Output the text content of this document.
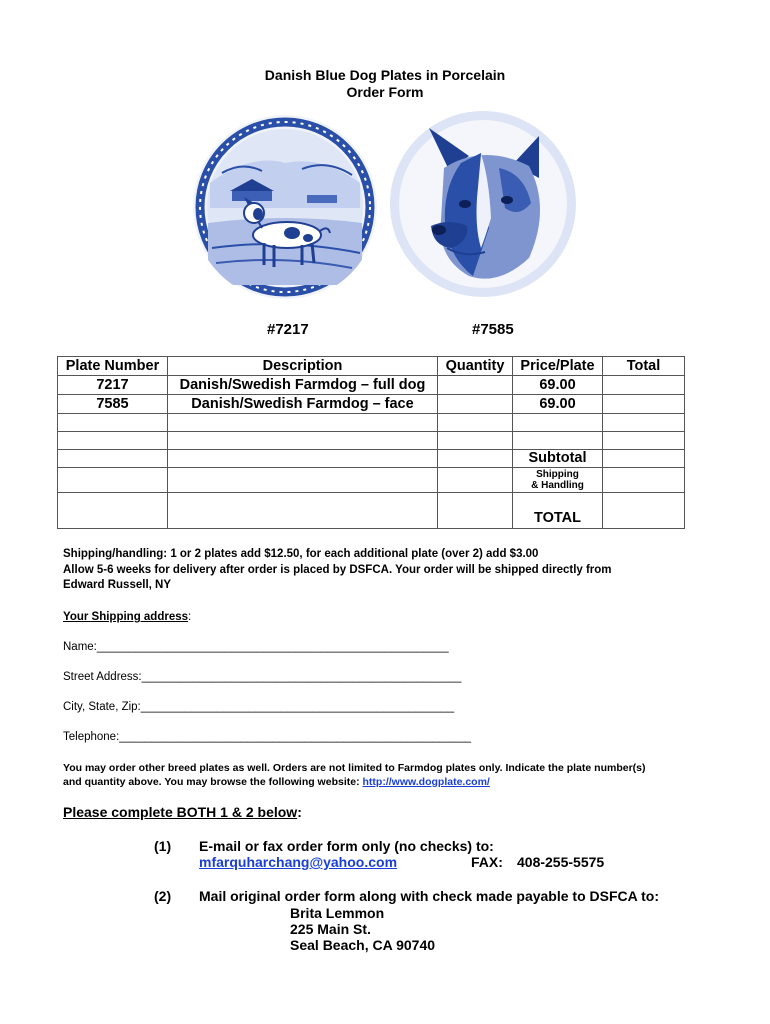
Danish Blue Dog Plates in Porcelain
Order Form
#7217	#7585
Plate Number	Description	Quantity	Price/Plate	Total
7217	Danish/Swedish Farmdog – full dog		69.00	
7585	Danish/Swedish Farmdog – face		69.00	

			Subtotal	

			Shipping
& Handling	

			TOTAL	
Shipping/handling: 1 or 2 plates add $12.50, for each additional plate (over 2) add $3.00
Allow 5-6 weeks for delivery after order is placed by DSFCA. Your order will be shipped directly from
Edward Russell, NY
Your Shipping address:
Name:_______________________________________________________
Street Address:__________________________________________________
City, State, Zip:_________________________________________________
Telephone:_______________________________________________________
You may order other breed plates as well. Orders are not limited to Farmdog plates only. Indicate the plate number(s)
and quantity above. You may browse the following website: http://www.dogplate.com/
Please complete BOTH 1 & 2 below:
(1) E-mail or fax order form only (no checks) to:
mfarquharchang@yahoo.com	FAX: 408-255-5575
(2) Mail original order form along with check made payable to DSFCA to:
Brita Lemmon
225 Main St.
Seal Beach, CA 90740
